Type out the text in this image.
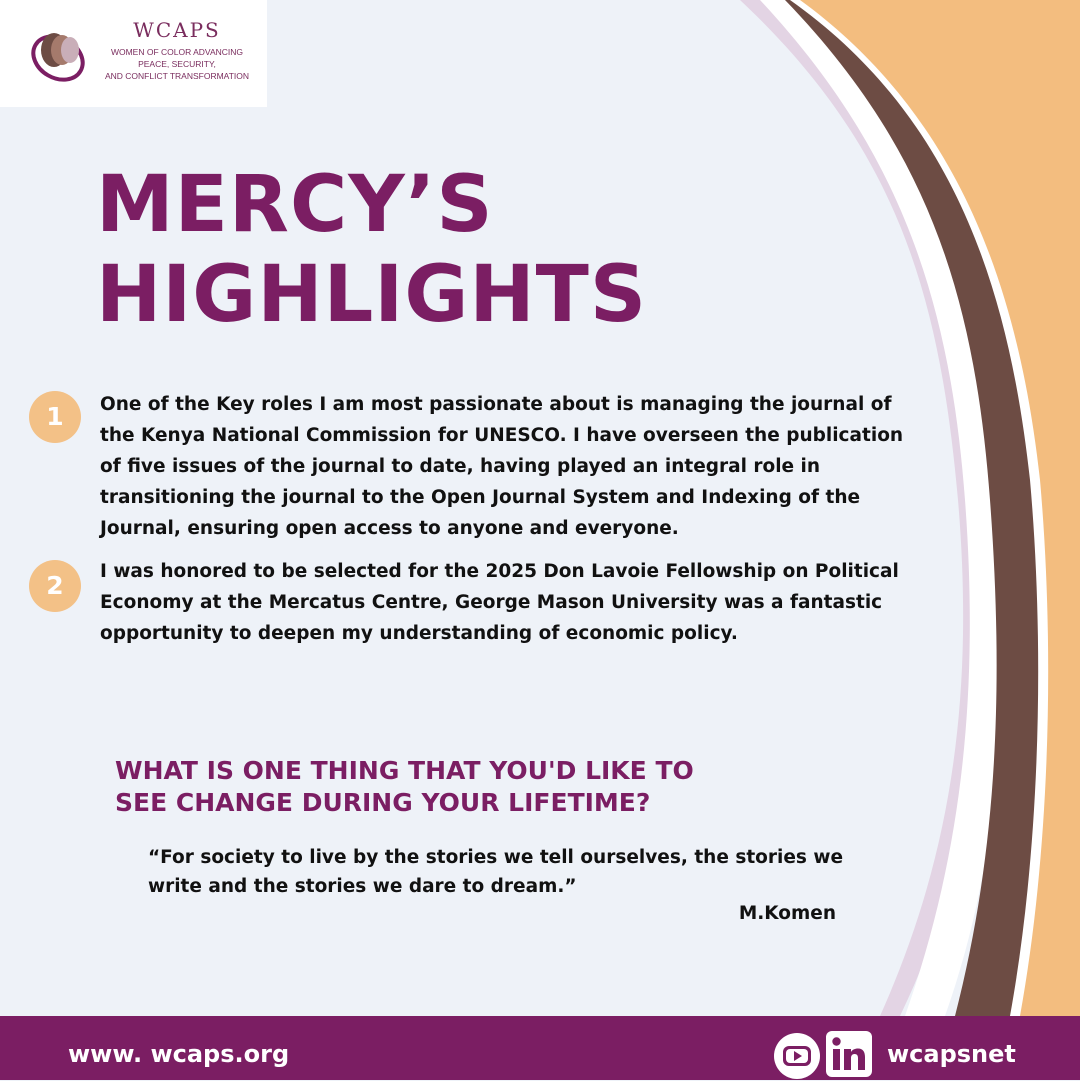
WCAPS
WOMEN OF COLOR ADVANCING
PEACE, SECURITY,
AND CONFLICT TRANSFORMATION
MERCY’S
HIGHLIGHTS
1	One of the Key roles I am most passionate about is managing the journal of the Kenya National Commission for UNESCO. I have overseen the publication of five issues of the journal to date, having played an integral role in transitioning the journal to the Open Journal System and Indexing of the Journal, ensuring open access to anyone and everyone.
2	I was honored to be selected for the 2025 Don Lavoie Fellowship on Political Economy at the Mercatus Centre, George Mason University was a fantastic opportunity to deepen my understanding of economic policy.
WHAT IS ONE THING THAT YOU'D LIKE TO
SEE CHANGE DURING YOUR LIFETIME?
“For society to live by the stories we tell ourselves, the stories we
write and the stories we dare to dream.”
M.Komen
www. wcaps.org	wcapsnet
